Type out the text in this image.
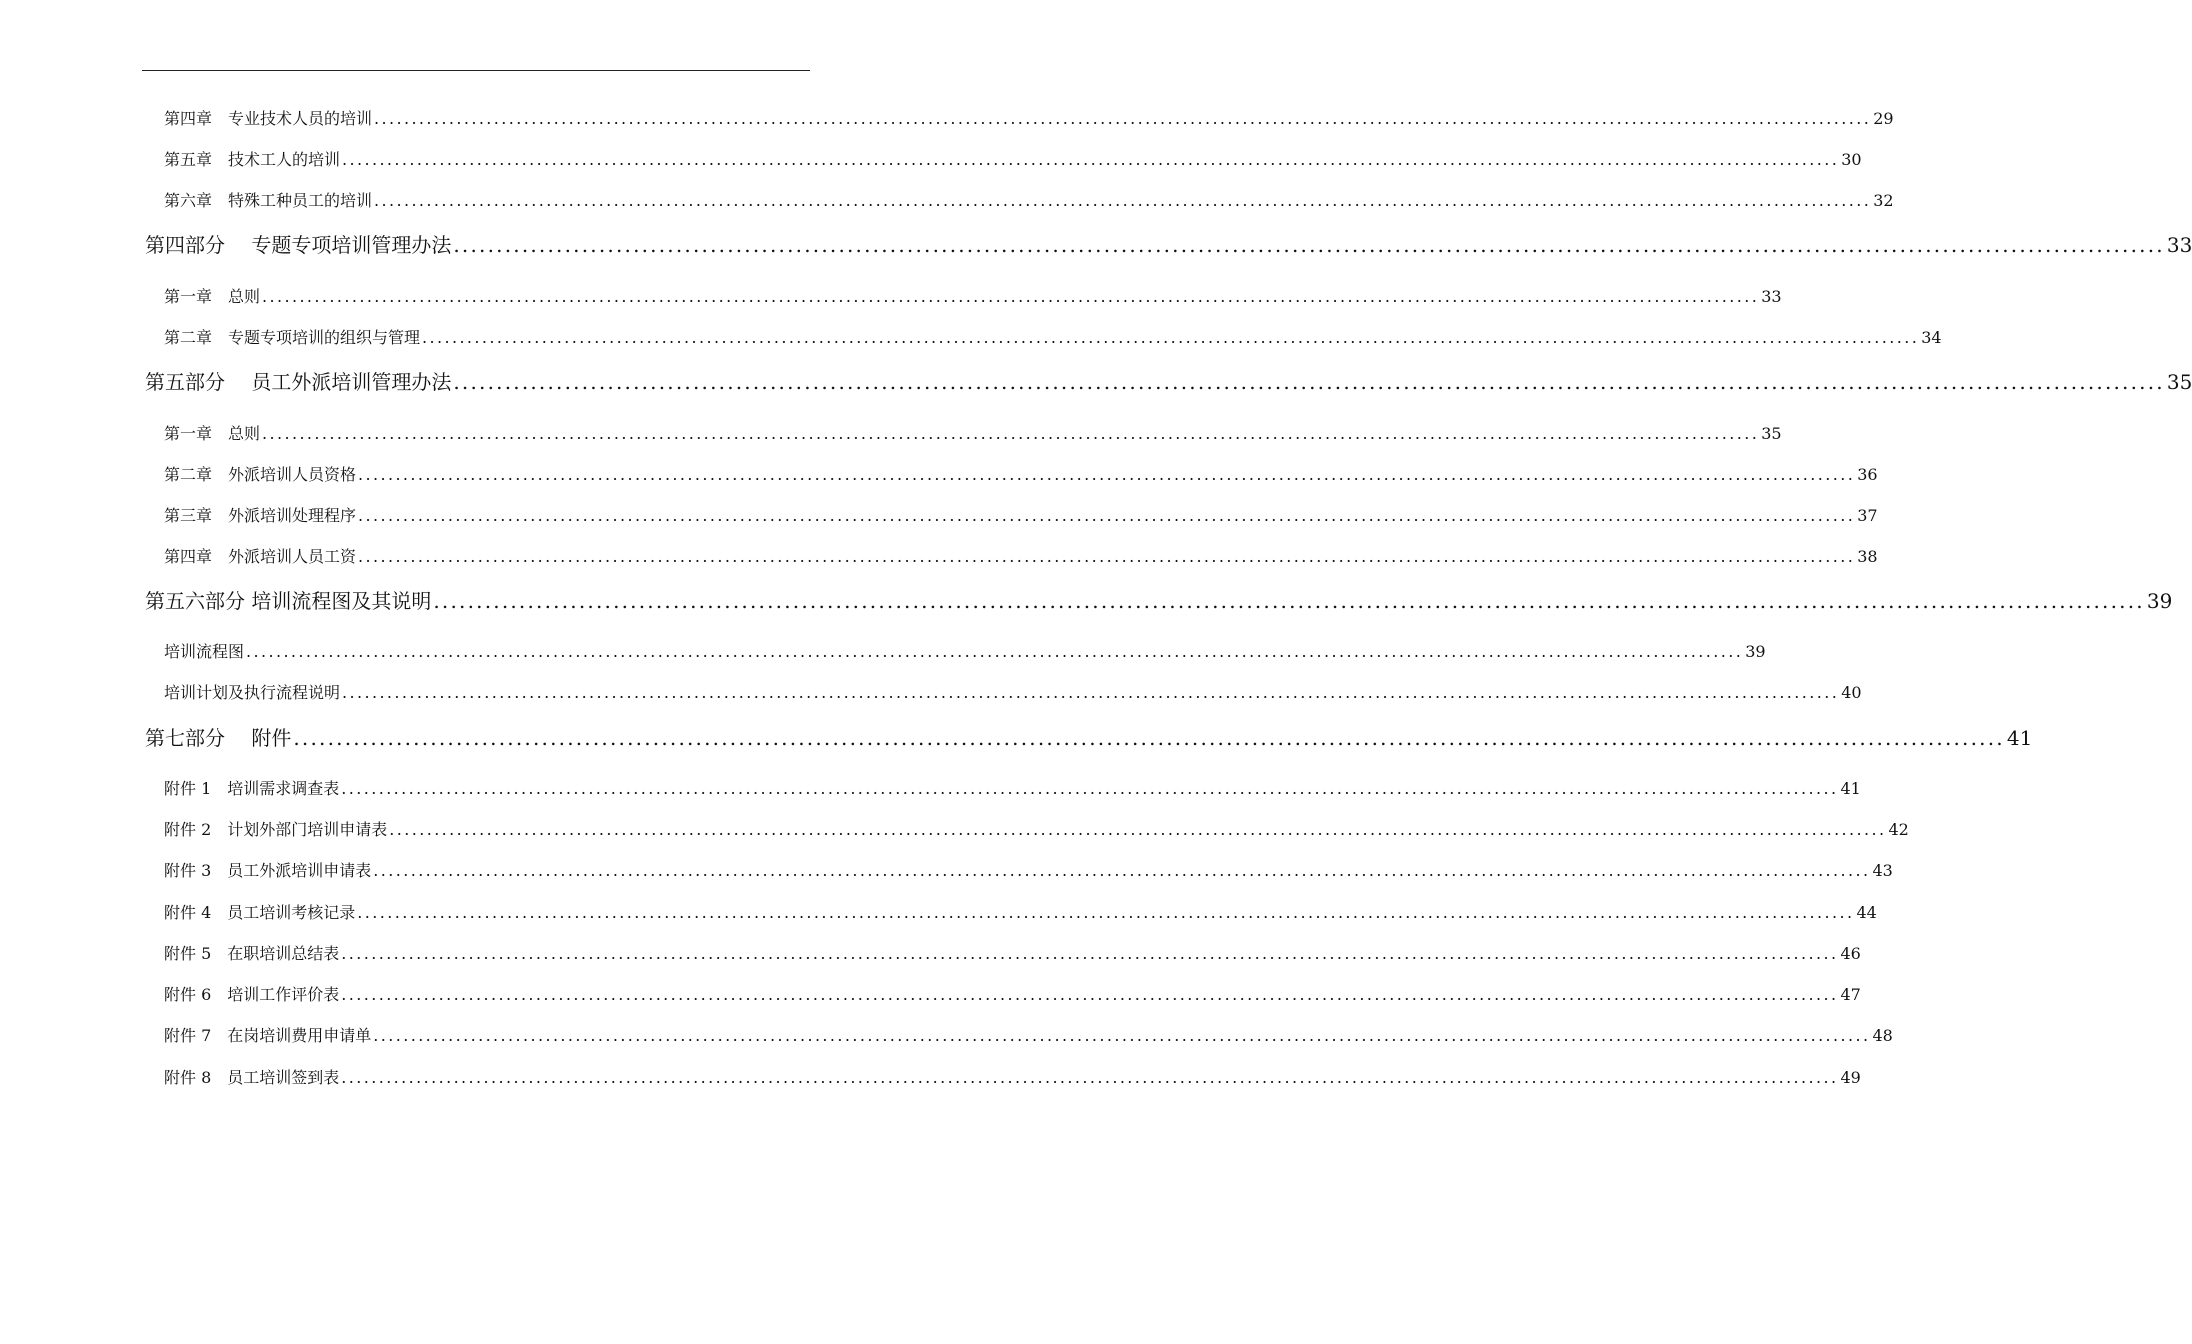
第四章　专业技术人员的培训 ........................................................................................................................................................................................................ 29
第五章　技术工人的培训 ........................................................................................................................................................................................................ 30
第六章　特殊工种员工的培训 ........................................................................................................................................................................................................ 32
第四部分　 专题专项培训管理办法 ........................................................................................................................................................................................................ 33
第一章　总则 ........................................................................................................................................................................................................ 33
第二章　专题专项培训的组织与管理 ........................................................................................................................................................................................................ 34
第五部分　 员工外派培训管理办法 ........................................................................................................................................................................................................ 35
第一章　总则 ........................................................................................................................................................................................................ 35
第二章　外派培训人员资格 ........................................................................................................................................................................................................ 36
第三章　外派培训处理程序 ........................................................................................................................................................................................................ 37
第四章　外派培训人员工资 ........................................................................................................................................................................................................ 38
第五六部分 培训流程图及其说明 ........................................................................................................................................................................................................ 39
培训流程图 ........................................................................................................................................................................................................ 39
培训计划及执行流程说明 ........................................................................................................................................................................................................ 40
第七部分　 附件 ........................................................................................................................................................................................................ 41
附件 1　培训需求调查表 ........................................................................................................................................................................................................ 41
附件 2　计划外部门培训申请表 ........................................................................................................................................................................................................ 42
附件 3　员工外派培训申请表 ........................................................................................................................................................................................................ 43
附件 4　员工培训考核记录 ........................................................................................................................................................................................................ 44
附件 5　在职培训总结表 ........................................................................................................................................................................................................ 46
附件 6　培训工作评价表 ........................................................................................................................................................................................................ 47
附件 7　在岗培训费用申请单 ........................................................................................................................................................................................................ 48
附件 8　员工培训签到表 ........................................................................................................................................................................................................ 49
